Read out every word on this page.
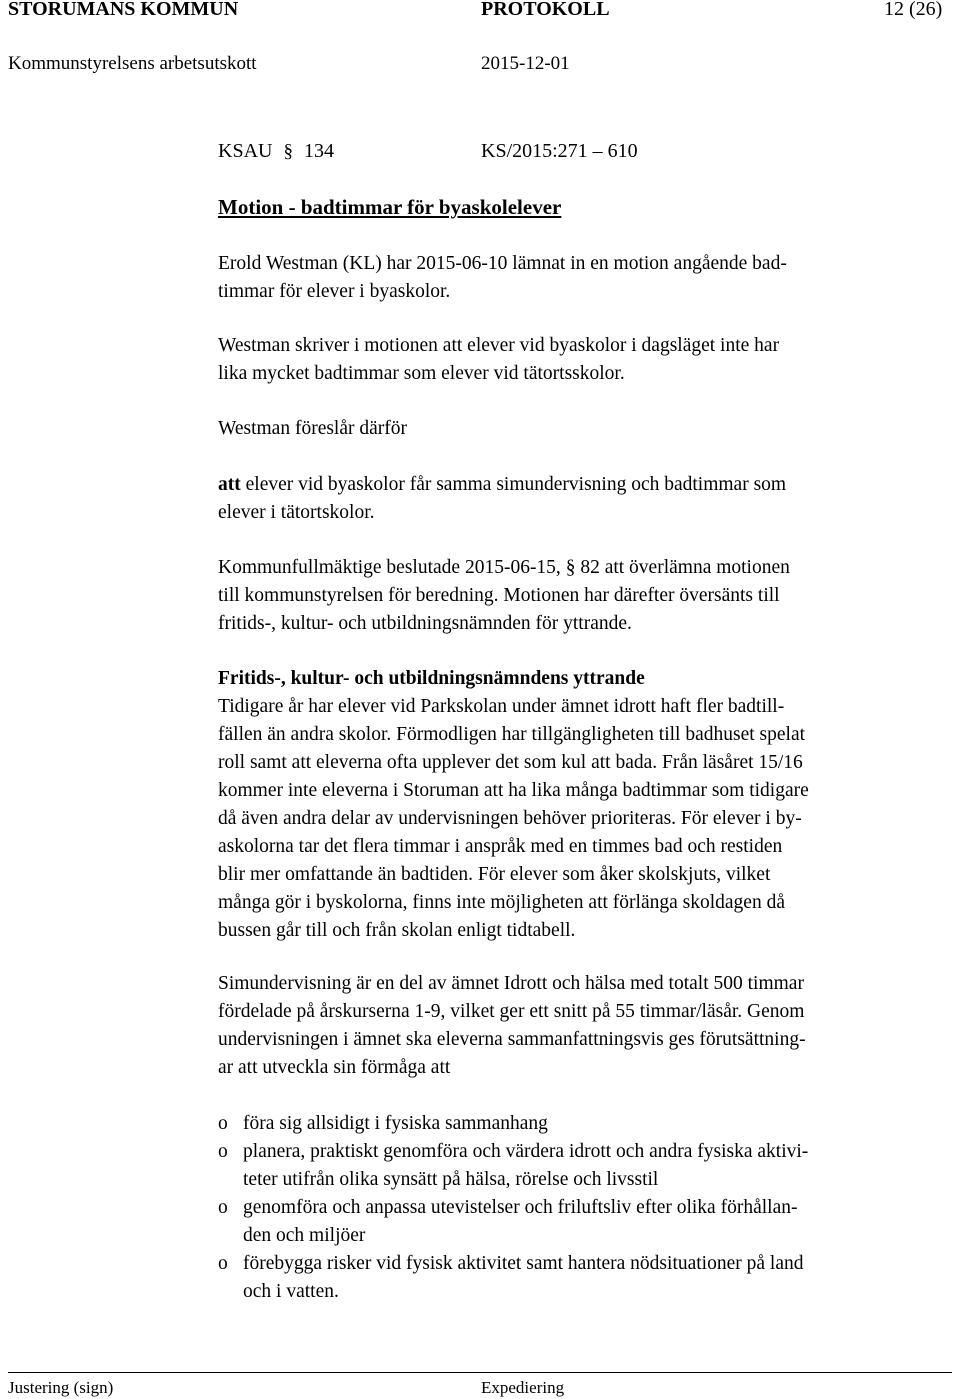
STORUMANS KOMMUN	PROTOKOLL	12 (26)
Kommunstyrelsens arbetsutskott	2015-12-01
KSAU § 134	KS/2015:271 – 610
Motion - badtimmar för byaskolelever
Erold Westman (KL) har 2015-06-10 lämnat in en motion angående bad-
timmar för elever i byaskolor.
Westman skriver i motionen att elever vid byaskolor i dagsläget inte har
lika mycket badtimmar som elever vid tätortsskolor.
Westman föreslår därför
att elever vid byaskolor får samma simundervisning och badtimmar som
elever i tätortskolor.
Kommunfullmäktige beslutade 2015-06-15, § 82 att överlämna motionen
till kommunstyrelsen för beredning. Motionen har därefter översänts till
fritids-, kultur- och utbildningsnämnden för yttrande.
Fritids-, kultur- och utbildningsnämndens yttrande
Tidigare år har elever vid Parkskolan under ämnet idrott haft fler badtill-
fällen än andra skolor. Förmodligen har tillgängligheten till badhuset spelat
roll samt att eleverna ofta upplever det som kul att bada. Från läsåret 15/16
kommer inte eleverna i Storuman att ha lika många badtimmar som tidigare
då även andra delar av undervisningen behöver prioriteras. För elever i by-
askolorna tar det flera timmar i anspråk med en timmes bad och restiden
blir mer omfattande än badtiden. För elever som åker skolskjuts, vilket
många gör i byskolorna, finns inte möjligheten att förlänga skoldagen då
bussen går till och från skolan enligt tidtabell.
Simundervisning är en del av ämnet Idrott och hälsa med totalt 500 timmar
fördelade på årskurserna 1-9, vilket ger ett snitt på 55 timmar/läsår. Genom
undervisningen i ämnet ska eleverna sammanfattningsvis ges förutsättning-
ar att utveckla sin förmåga att
o föra sig allsidigt i fysiska sammanhang
o planera, praktiskt genomföra och värdera idrott och andra fysiska aktivi-
teter utifrån olika synsätt på hälsa, rörelse och livsstil
o genomföra och anpassa utevistelser och friluftsliv efter olika förhållan-
den och miljöer
o förebygga risker vid fysisk aktivitet samt hantera nödsituationer på land
och i vatten.
Justering (sign)	Expediering
